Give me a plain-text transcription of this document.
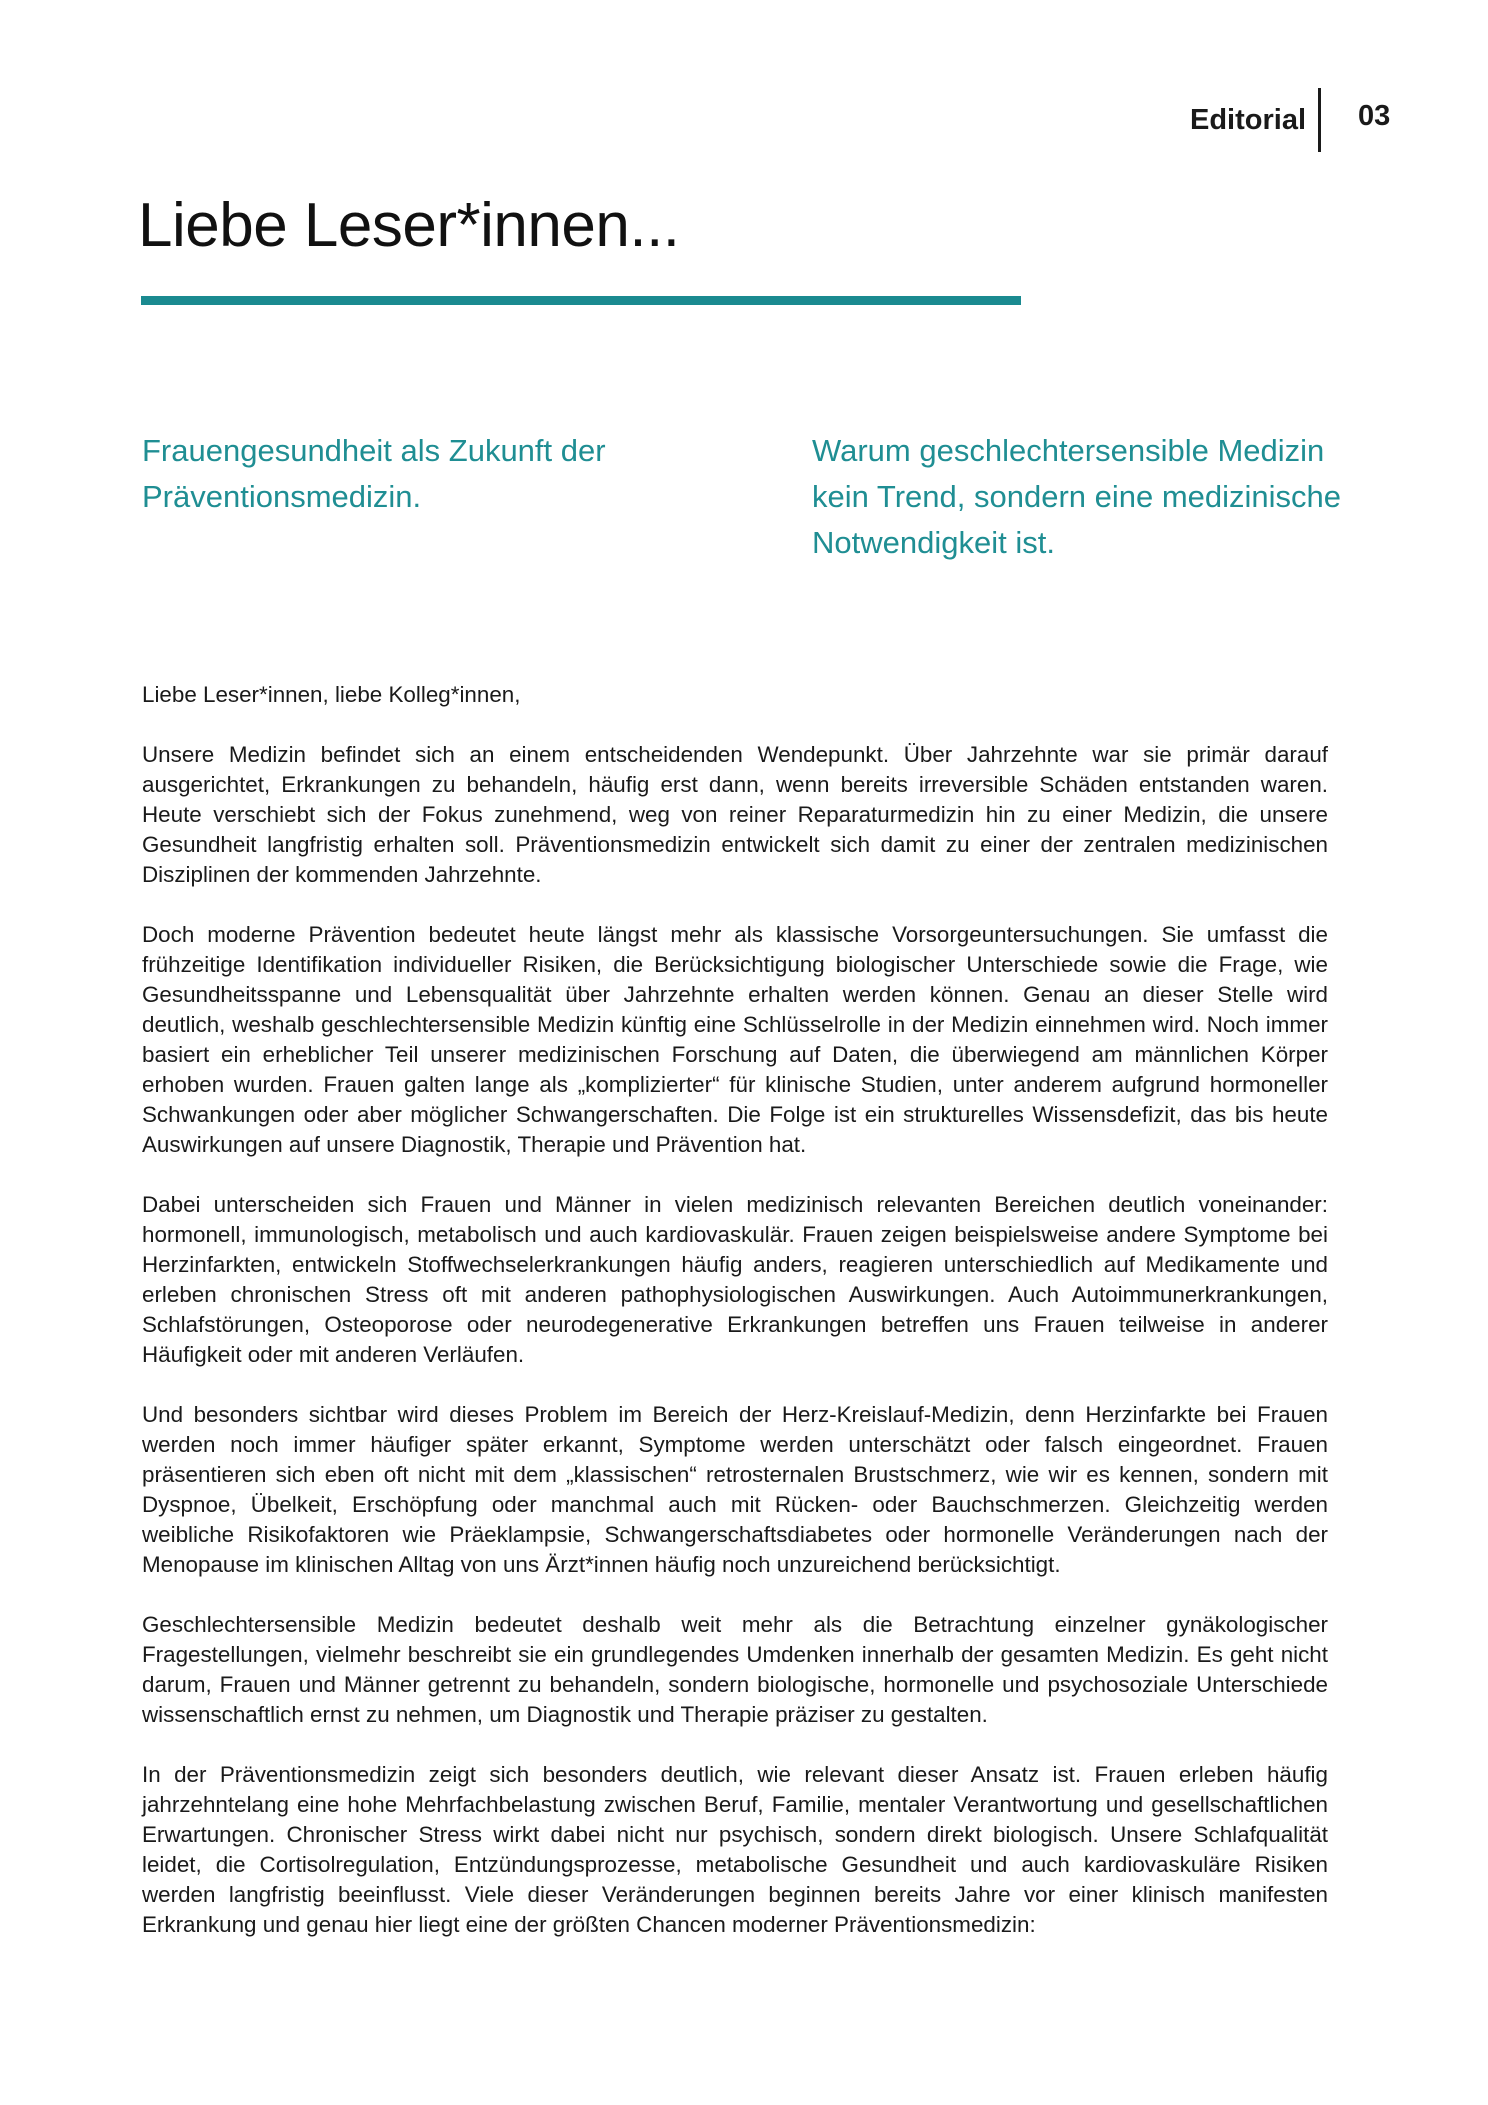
Editorial 03
Liebe Leser*innen...
Frauengesundheit als Zukunft der Präventionsmedizin.
Warum geschlechtersensible Medizin kein Trend, sondern eine medizinische Notwendigkeit ist.

Liebe Leser*innen, liebe Kolleg*innen,

Unsere Medizin befindet sich an einem entscheidenden Wendepunkt. Über Jahrzehnte war sie primär darauf ausgerichtet, Erkrankungen zu behandeln, häufig erst dann, wenn bereits irreversible Schäden entstanden waren. Heute verschiebt sich der Fokus zunehmend, weg von reiner Reparaturmedizin hin zu einer Medizin, die unsere Gesundheit langfristig erhalten soll. Präventionsmedizin entwickelt sich damit zu einer der zentralen medizinischen Disziplinen der kommenden Jahrzehnte.

Doch moderne Prävention bedeutet heute längst mehr als klassische Vorsorgeuntersuchungen. Sie umfasst die frühzeitige Identifikation individueller Risiken, die Berücksichtigung biologischer Unterschiede sowie die Frage, wie Gesundheitsspanne und Lebensqualität über Jahrzehnte erhalten werden können. Genau an dieser Stelle wird deutlich, weshalb geschlechtersensible Medizin künftig eine Schlüsselrolle in der Medizin einnehmen wird. Noch immer basiert ein erheblicher Teil unserer medizinischen Forschung auf Daten, die überwiegend am männlichen Körper erhoben wurden. Frauen galten lange als „komplizierter“ für klinische Studien, unter anderem aufgrund hormoneller Schwankungen oder aber möglicher Schwangerschaften. Die Folge ist ein strukturelles Wissensdefizit, das bis heute Auswirkungen auf unsere Diagnostik, Therapie und Prävention hat.

Dabei unterscheiden sich Frauen und Männer in vielen medizinisch relevanten Bereichen deutlich voneinander: hormonell, immunologisch, metabolisch und auch kardiovaskulär. Frauen zeigen beispielsweise andere Symptome bei Herzinfarkten, entwickeln Stoffwechselerkrankungen häufig anders, reagieren unterschiedlich auf Medikamente und erleben chronischen Stress oft mit anderen pathophysiologischen Auswirkungen. Auch Autoimmunerkrankungen, Schlafstörungen, Osteoporose oder neurodegenerative Erkrankungen betreffen uns Frauen teilweise in anderer Häufigkeit oder mit anderen Verläufen.

Und besonders sichtbar wird dieses Problem im Bereich der Herz-Kreislauf-Medizin, denn Herzinfarkte bei Frauen werden noch immer häufiger später erkannt, Symptome werden unterschätzt oder falsch eingeordnet. Frauen präsentieren sich eben oft nicht mit dem „klassischen“ retrosternalen Brustschmerz, wie wir es kennen, sondern mit Dyspnoe, Übelkeit, Erschöpfung oder manchmal auch mit Rücken- oder Bauchschmerzen. Gleichzeitig werden weibliche Risikofaktoren wie Präeklampsie, Schwangerschaftsdiabetes oder hormonelle Veränderungen nach der Menopause im klinischen Alltag von uns Ärzt*innen häufig noch unzureichend berücksichtigt.

Geschlechtersensible Medizin bedeutet deshalb weit mehr als die Betrachtung einzelner gynäkologischer Fragestellungen, vielmehr beschreibt sie ein grundlegendes Umdenken innerhalb der gesamten Medizin. Es geht nicht darum, Frauen und Männer getrennt zu behandeln, sondern biologische, hormonelle und psychosoziale Unterschiede wissenschaftlich ernst zu nehmen, um Diagnostik und Therapie präziser zu gestalten.

In der Präventionsmedizin zeigt sich besonders deutlich, wie relevant dieser Ansatz ist. Frauen erleben häufig jahrzehntelang eine hohe Mehrfachbelastung zwischen Beruf, Familie, mentaler Verantwortung und gesellschaftlichen Erwartungen. Chronischer Stress wirkt dabei nicht nur psychisch, sondern direkt biologisch. Unsere Schlafqualität leidet, die Cortisolregulation, Entzündungsprozesse, metabolische Gesundheit und auch kardiovaskuläre Risiken werden langfristig beeinflusst. Viele dieser Veränderungen beginnen bereits Jahre vor einer klinisch manifesten Erkrankung und genau hier liegt eine der größten Chancen moderner Präventionsmedizin:
